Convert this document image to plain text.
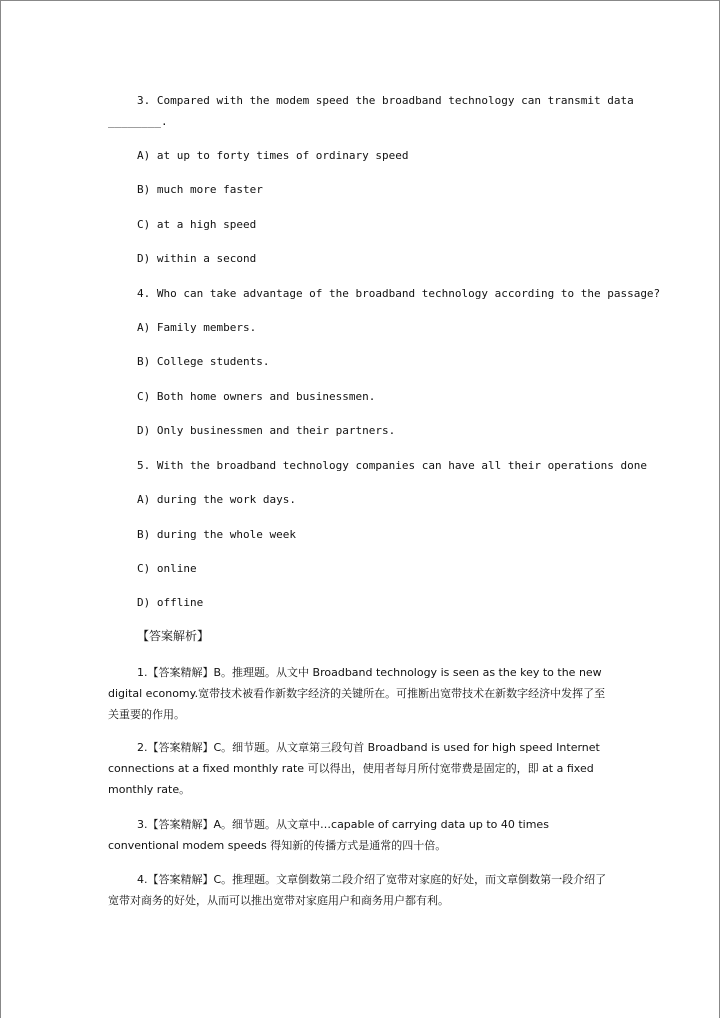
3. Compared with the modem speed the broadband technology can transmit data
________.
A) at up to forty times of ordinary speed
B) much more faster
C) at a high speed
D) within a second
4. Who can take advantage of the broadband technology according to the passage?
A) Family members.
B) College students.
C) Both home owners and businessmen.
D) Only businessmen and their partners.
5. With the broadband technology companies can have all their operations done
A) during the work days.
B) during the whole week
C) online
D) offline
【答案解析】
1.【答案精解】B。推理题。从文中 Broadband technology is seen as the key to the new digital economy.宽带技术被看作新数字经济的关键所在。可推断出宽带技术在新数字经济中发挥了至关重要的作用。
2.【答案精解】C。细节题。从文章第三段句首 Broadband is used for high speed Internet connections at a fixed monthly rate 可以得出，使用者每月所付宽带费是固定的，即 at a fixed monthly rate。
3.【答案精解】A。细节题。从文章中…capable of carrying data up to 40 times conventional modem speeds 得知新的传播方式是通常的四十倍。
4.【答案精解】C。推理题。文章倒数第二段介绍了宽带对家庭的好处，而文章倒数第一段介绍了宽带对商务的好处，从而可以推出宽带对家庭用户和商务用户都有利。
